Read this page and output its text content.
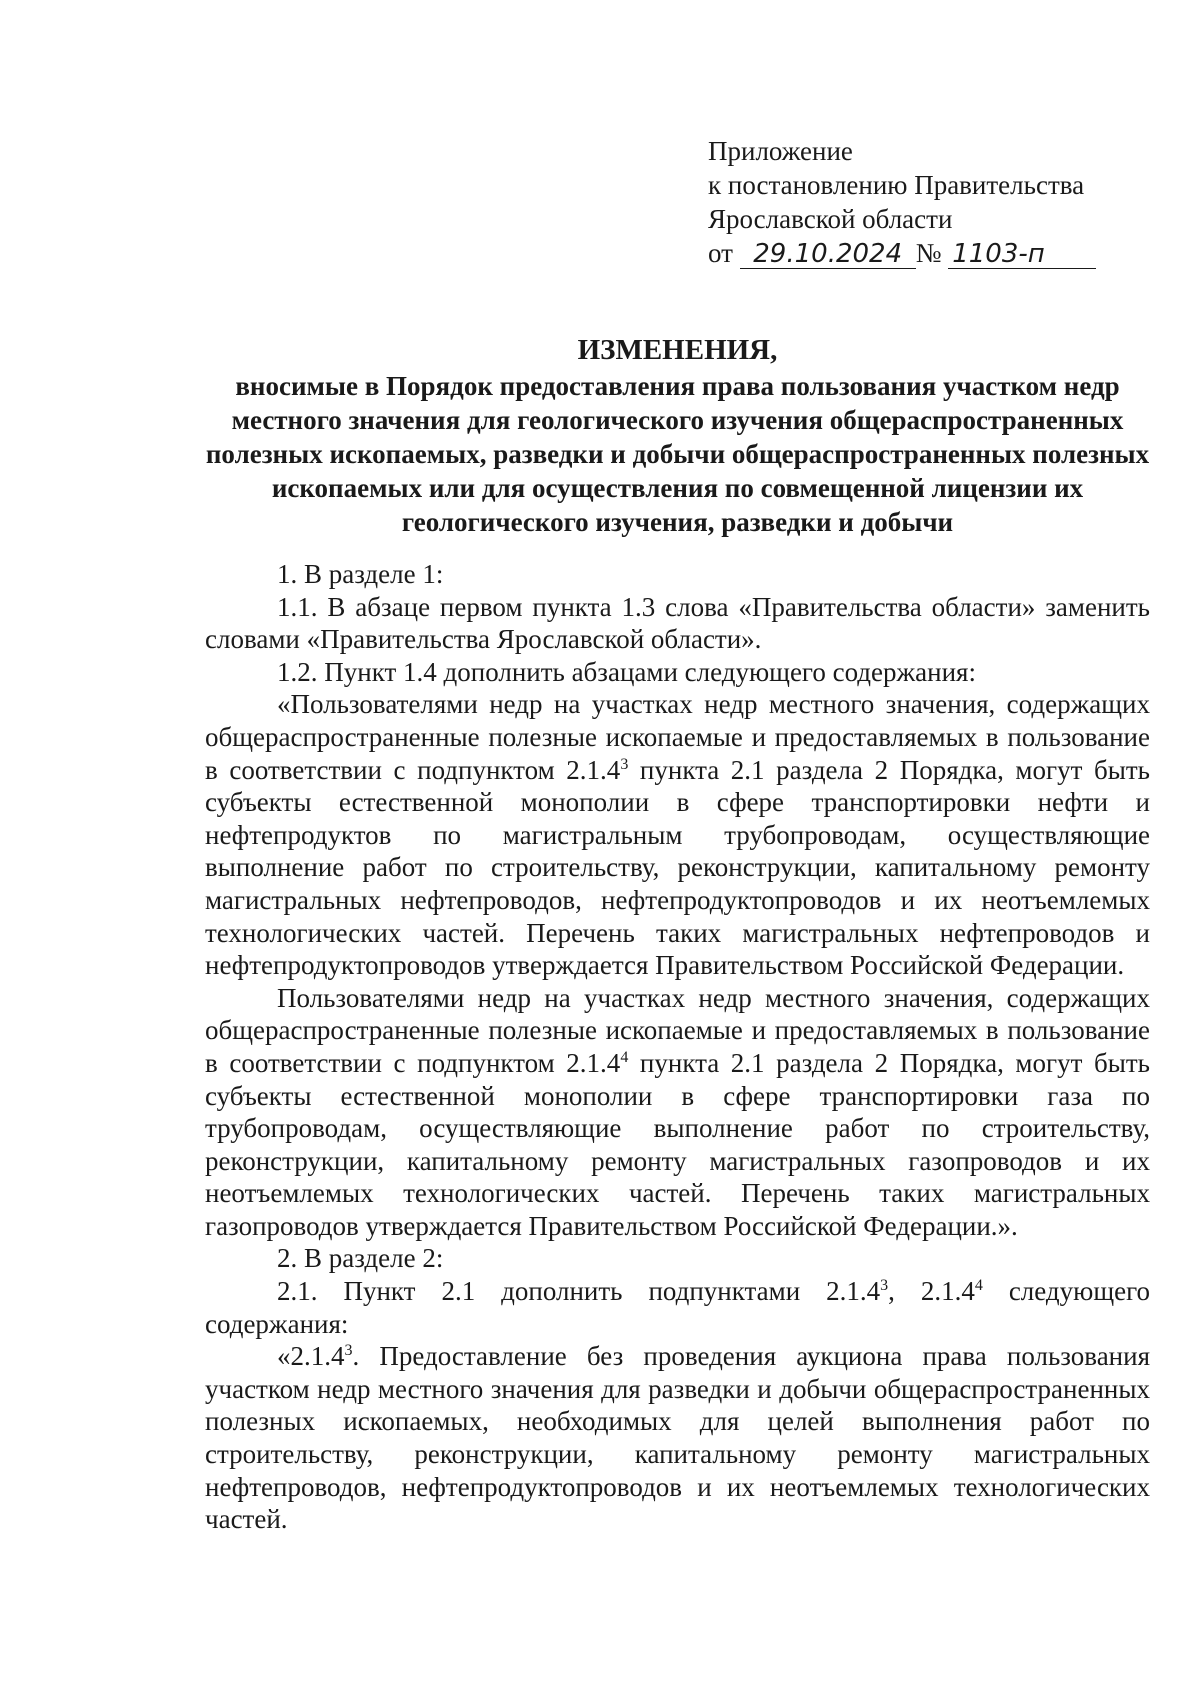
Приложение
к постановлению Правительства
Ярославской области
от 29.10.2024 № 1103-п
ИЗМЕНЕНИЯ,
вносимые в Порядок предоставления права пользования участком недр местного значения для геологического изучения общераспространенных полезных ископаемых, разведки и добычи общераспространенных полезных ископаемых или для осуществления по совмещенной лицензии их геологического изучения, разведки и добычи

1. В разделе 1:

1.1. В абзаце первом пункта 1.3 слова «Правительства области» заменить словами «Правительства Ярославской области».

1.2. Пункт 1.4 дополнить абзацами следующего содержания:

«Пользователями недр на участках недр местного значения, содержащих общераспространенные полезные ископаемые и предоставляемых в пользование в соответствии с подпунктом 2.1.4$^3$ пункта 2.1 раздела 2 Порядка, могут быть субъекты естественной монополии в сфере транспортировки нефти и нефтепродуктов по магистральным трубопроводам, осуществляющие выполнение работ по строительству, реконструкции, капитальному ремонту магистральных нефтепроводов, нефтепродуктопроводов и их неотъемлемых технологических частей. Перечень таких магистральных нефтепроводов и нефтепродуктопроводов утверждается Правительством Российской Федерации.

Пользователями недр на участках недр местного значения, содержащих общераспространенные полезные ископаемые и предоставляемых в пользование в соответствии с подпунктом 2.1.4$^4$ пункта 2.1 раздела 2 Порядка, могут быть субъекты естественной монополии в сфере транспортировки газа по трубопроводам, осуществляющие выполнение работ по строительству, реконструкции, капитальному ремонту магистральных газопроводов и их неотъемлемых технологических частей. Перечень таких магистральных газопроводов утверждается Правительством Российской Федерации.».

2. В разделе 2:

2.1. Пункт 2.1 дополнить подпунктами 2.1.4$^3$, 2.1.4$^4$ следующего содержания:

«2.1.4$^3$. Предоставление без проведения аукциона права пользования участком недр местного значения для разведки и добычи общераспространенных полезных ископаемых, необходимых для целей выполнения работ по строительству, реконструкции, капитальному ремонту магистральных нефтепроводов, нефтепродуктопроводов и их неотъемлемых технологических частей.
